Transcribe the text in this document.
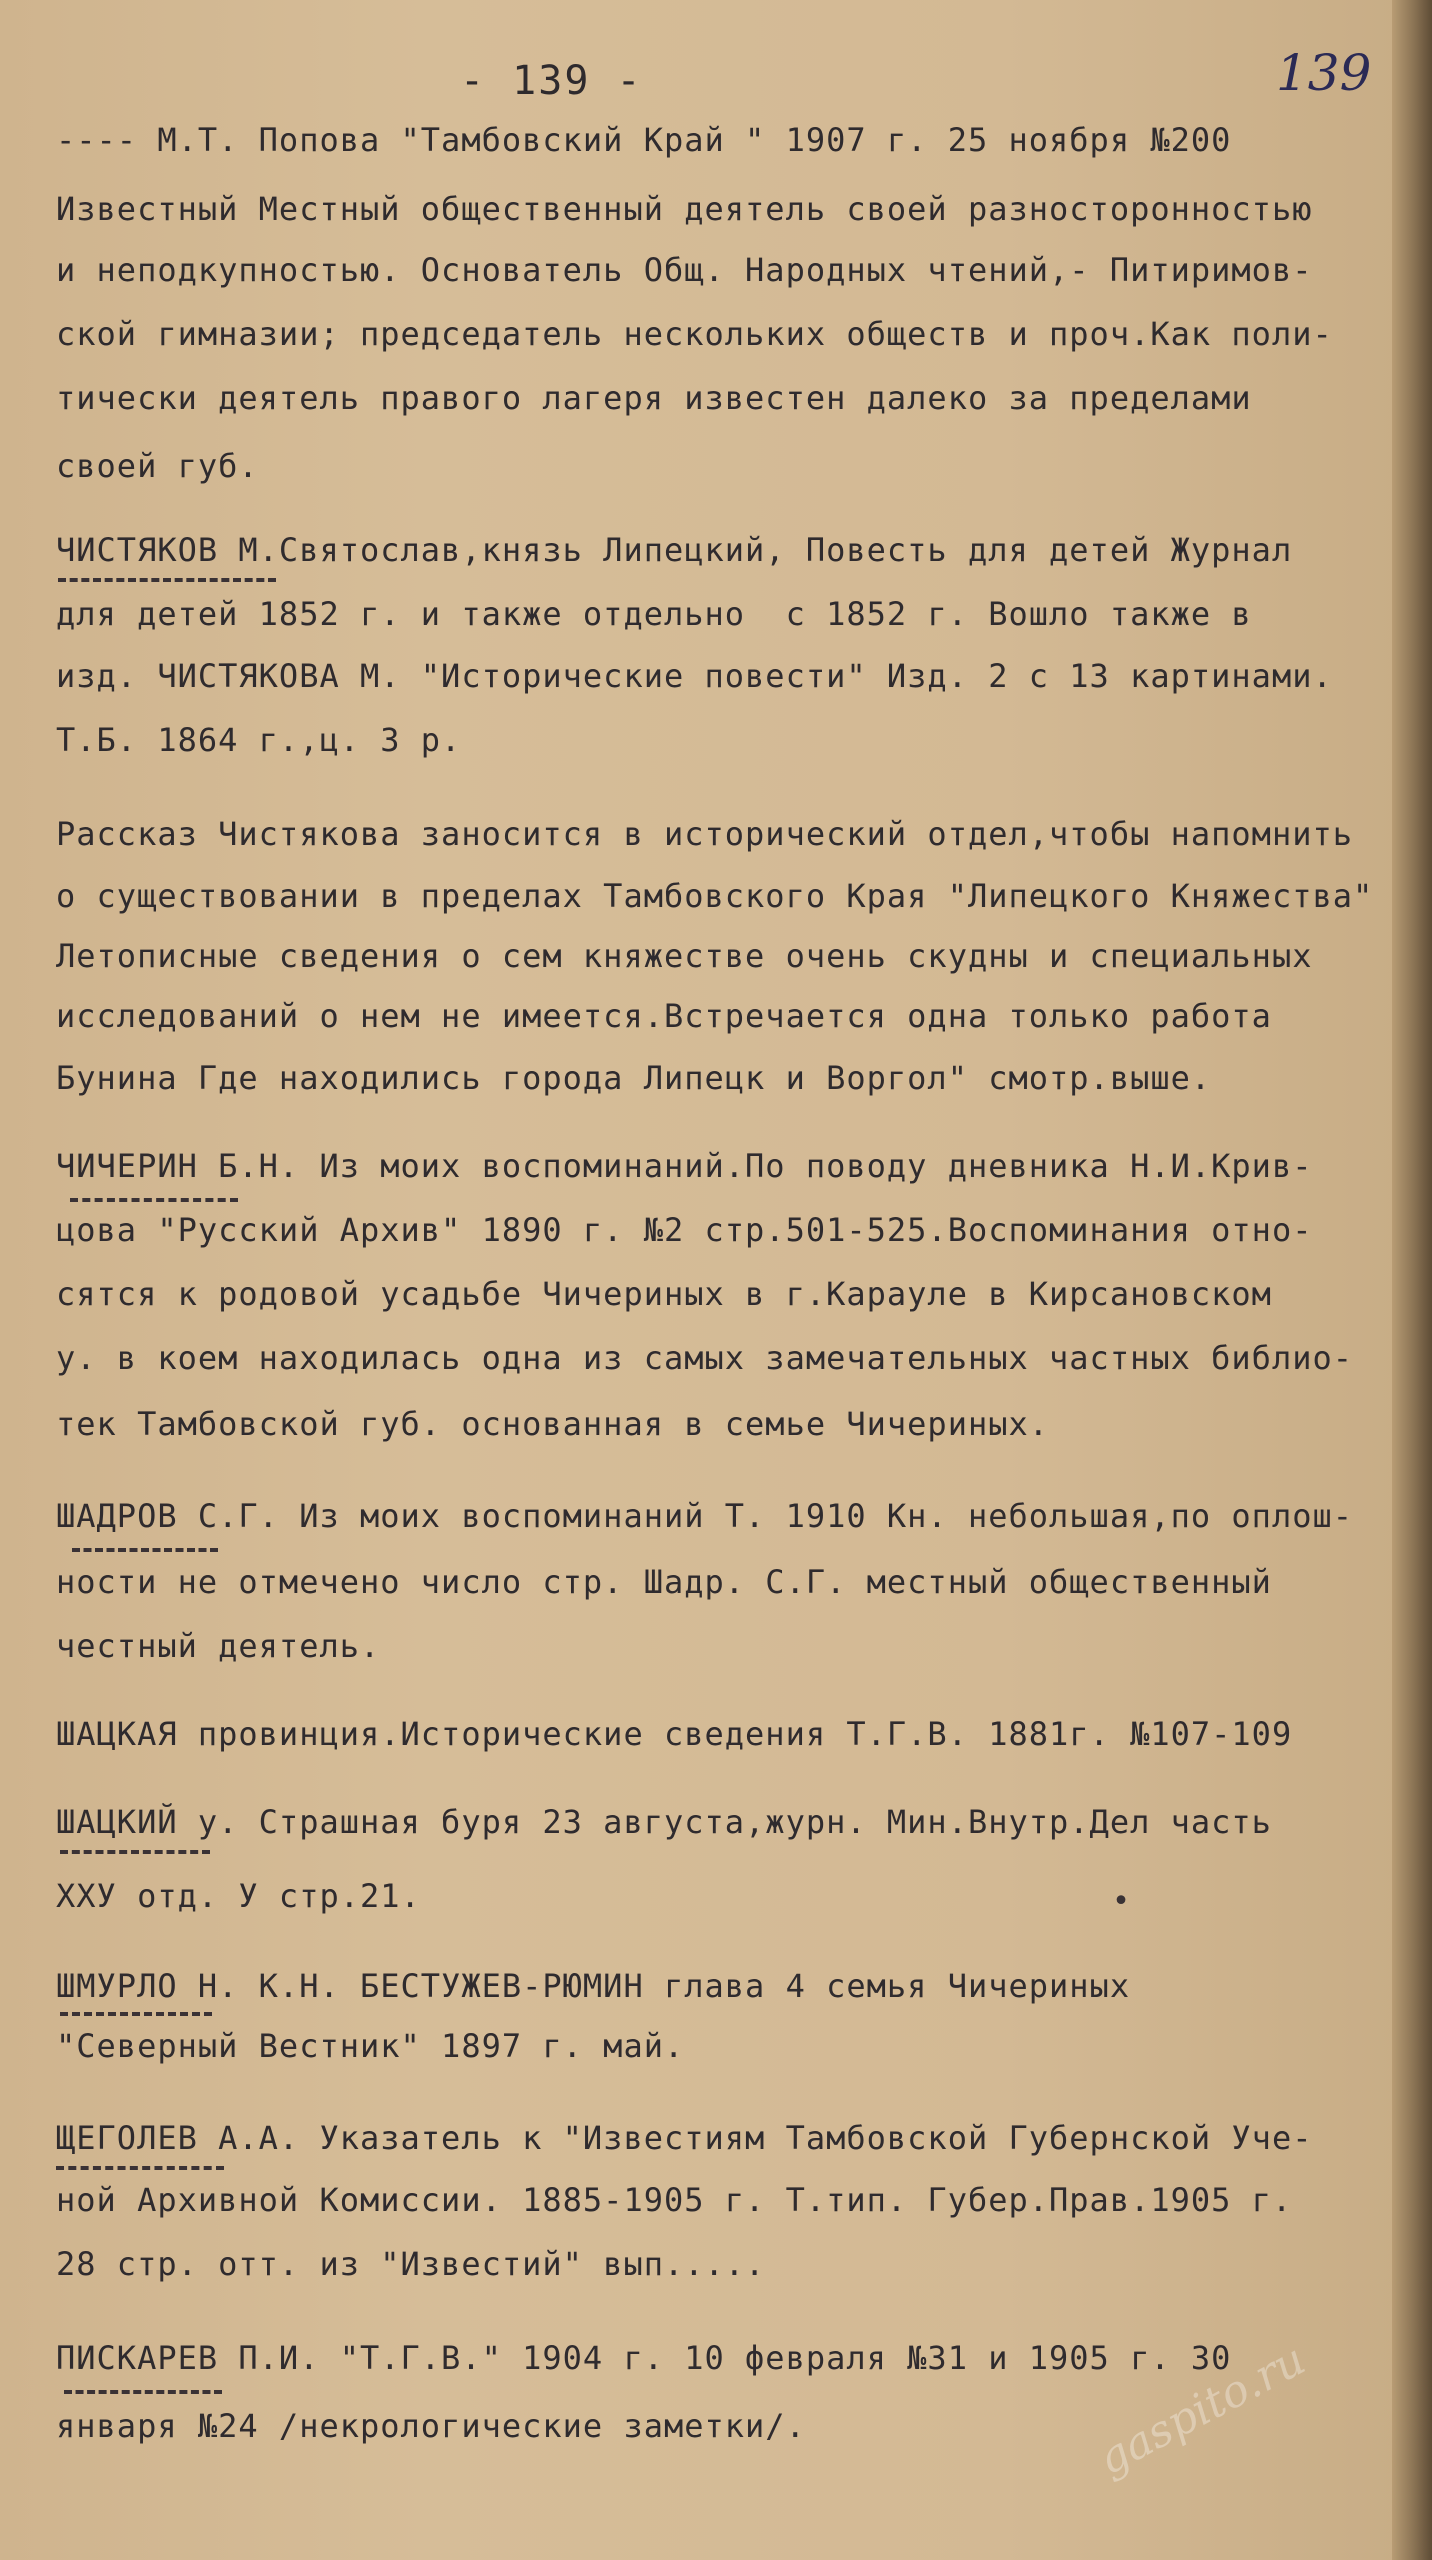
- 139 -	139
---- М.Т. Попова "Тамбовский Край " 1907 г. 25 ноября №200
Известный Местный общественный деятель своей разносторонностью
и неподкупностью. Основатель Общ. Народных чтений,- Питиримов-
ской гимназии; председатель нескольких обществ и проч.Как поли-
тически деятель правого лагеря известен далеко за пределами
своей губ.
ЧИСТЯКОВ М.Святослав,князь Липецкий, Повесть для детей Журнал
для детей 1852 г. и также отдельно  с 1852 г. Вошло также в
изд. ЧИСТЯКОВА М. "Исторические повести" Изд. 2 с 13 картинами.
Т.Б. 1864 г.,ц. 3 р.
Рассказ Чистякова заносится в исторический отдел,чтобы напомнить
о существовании в пределах Тамбовского Края "Липецкого Княжества"
Летописные сведения о сем княжестве очень скудны и специальных
исследований о нем не имеется.Встречается одна только работа
Бунина Где находились города Липецк и Воргол" смотр.выше.
ЧИЧЕРИН Б.Н. Из моих воспоминаний.По поводу дневника Н.И.Крив-
цова "Русский Архив" 1890 г. №2 стр.501-525.Воспоминания отно-
сятся к родовой усадьбе Чичериных в г.Карауле в Кирсановском
у. в коем находилась одна из самых замечательных частных библио-
тек Тамбовской губ. основанная в семье Чичериных.
ШАДРОВ С.Г. Из моих воспоминаний Т. 1910 Кн. небольшая,по оплош-
ности не отмечено число стр. Шадр. С.Г. местный общественный
честный деятель.
ШАЦКАЯ провинция.Исторические сведения Т.Г.В. 1881г. №107-109
ШАЦКИЙ у. Страшная буря 23 августа,журн. Мин.Внутр.Дел часть
XXУ отд. У стр.21.	•
ШМУРЛО Н. К.Н. БЕСТУЖЕВ-РЮМИН глава 4 семья Чичериных
"Северный Вестник" 1897 г. май.
ЩЕГОЛЕВ А.А. Указатель к "Известиям Тамбовской Губернской Уче-
ной Архивной Комиссии. 1885-1905 г. Т.тип. Губер.Прав.1905 г.
28 стр. отт. из "Известий" вып.....
ПИСКАРЕВ П.И. "Т.Г.В." 1904 г. 10 февраля №31 и 1905 г. 30
января №24 /некрологические заметки/.	gaspito.ru
